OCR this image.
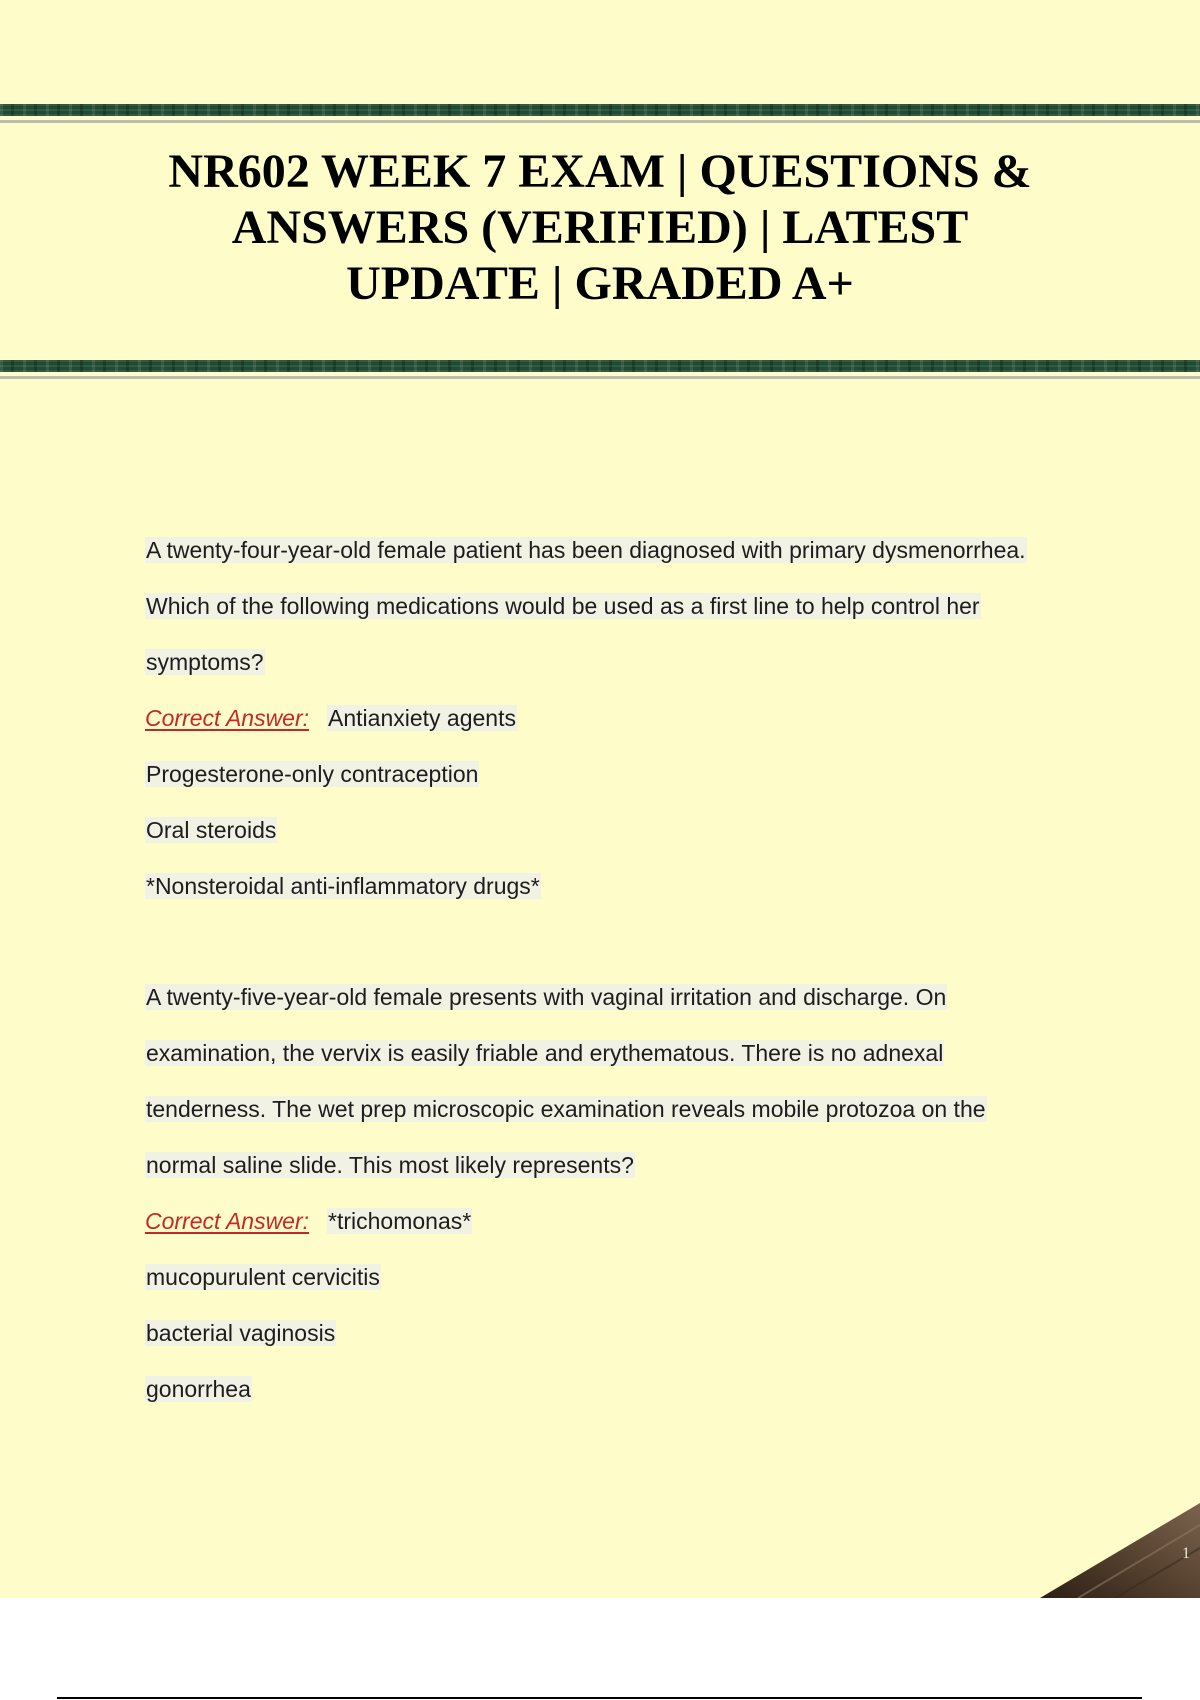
NR602 WEEK 7 EXAM | QUESTIONS &
ANSWERS (VERIFIED) | LATEST
UPDATE | GRADED A+
A twenty-four-year-old female patient has been diagnosed with primary dysmenorrhea.
Which of the following medications would be used as a first line to help control her
symptoms?
Correct Answer: Antianxiety agents
Progesterone-only contraception
Oral steroids
*Nonsteroidal anti-inflammatory drugs*
A twenty-five-year-old female presents with vaginal irritation and discharge. On
examination, the vervix is easily friable and erythematous. There is no adnexal
tenderness. The wet prep microscopic examination reveals mobile protozoa on the
normal saline slide. This most likely represents?
Correct Answer: *trichomonas*
mucopurulent cervicitis
bacterial vaginosis
gonorrhea
1
